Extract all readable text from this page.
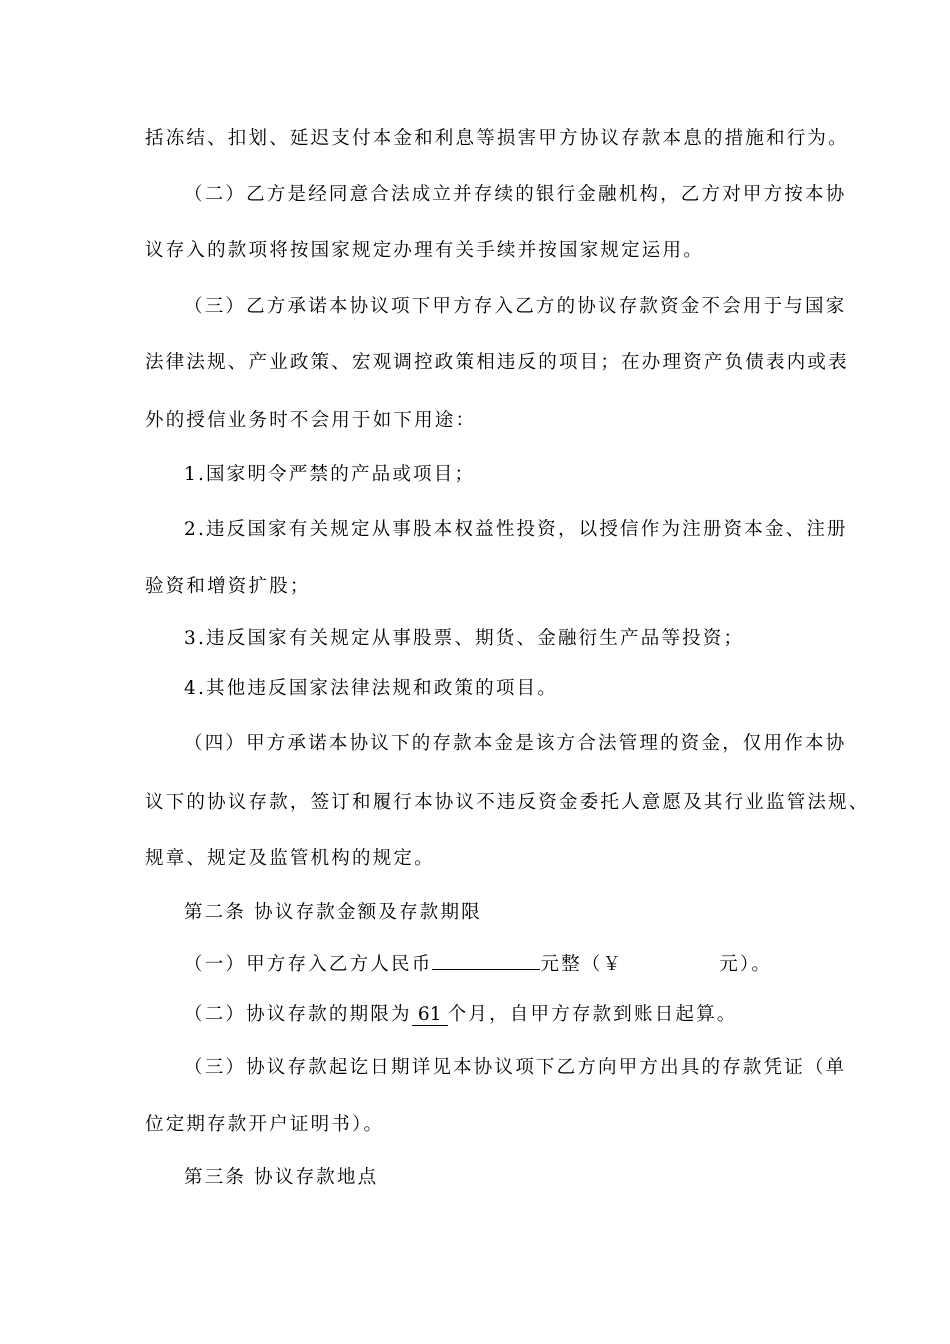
括冻结、扣划、延迟支付本金和利息等损害甲方协议存款本息的措施和行为。
（二）乙方是经同意合法成立并存续的银行金融机构，乙方对甲方按本协
议存入的款项将按国家规定办理有关手续并按国家规定运用。
（三）乙方承诺本协议项下甲方存入乙方的协议存款资金不会用于与国家
法律法规、产业政策、宏观调控政策相违反的项目；在办理资产负债表内或表
外的授信业务时不会用于如下用途：
1.国家明令严禁的产品或项目；
2.违反国家有关规定从事股本权益性投资，以授信作为注册资本金、注册
验资和增资扩股；
3.违反国家有关规定从事股票、期货、金融衍生产品等投资；
4.其他违反国家法律法规和政策的项目。
（四）甲方承诺本协议下的存款本金是该方合法管理的资金，仅用作本协
议下的协议存款，签订和履行本协议不违反资金委托人意愿及其行业监管法规、
规章、规定及监管机构的规定。
第二条 协议存款金额及存款期限
（一）甲方存入乙方人民币	元整（￥	元）。
（二）协议存款的期限为 61 个月，自甲方存款到账日起算。
（三）协议存款起讫日期详见本协议项下乙方向甲方出具的存款凭证（单
位定期存款开户证明书）。
第三条 协议存款地点
